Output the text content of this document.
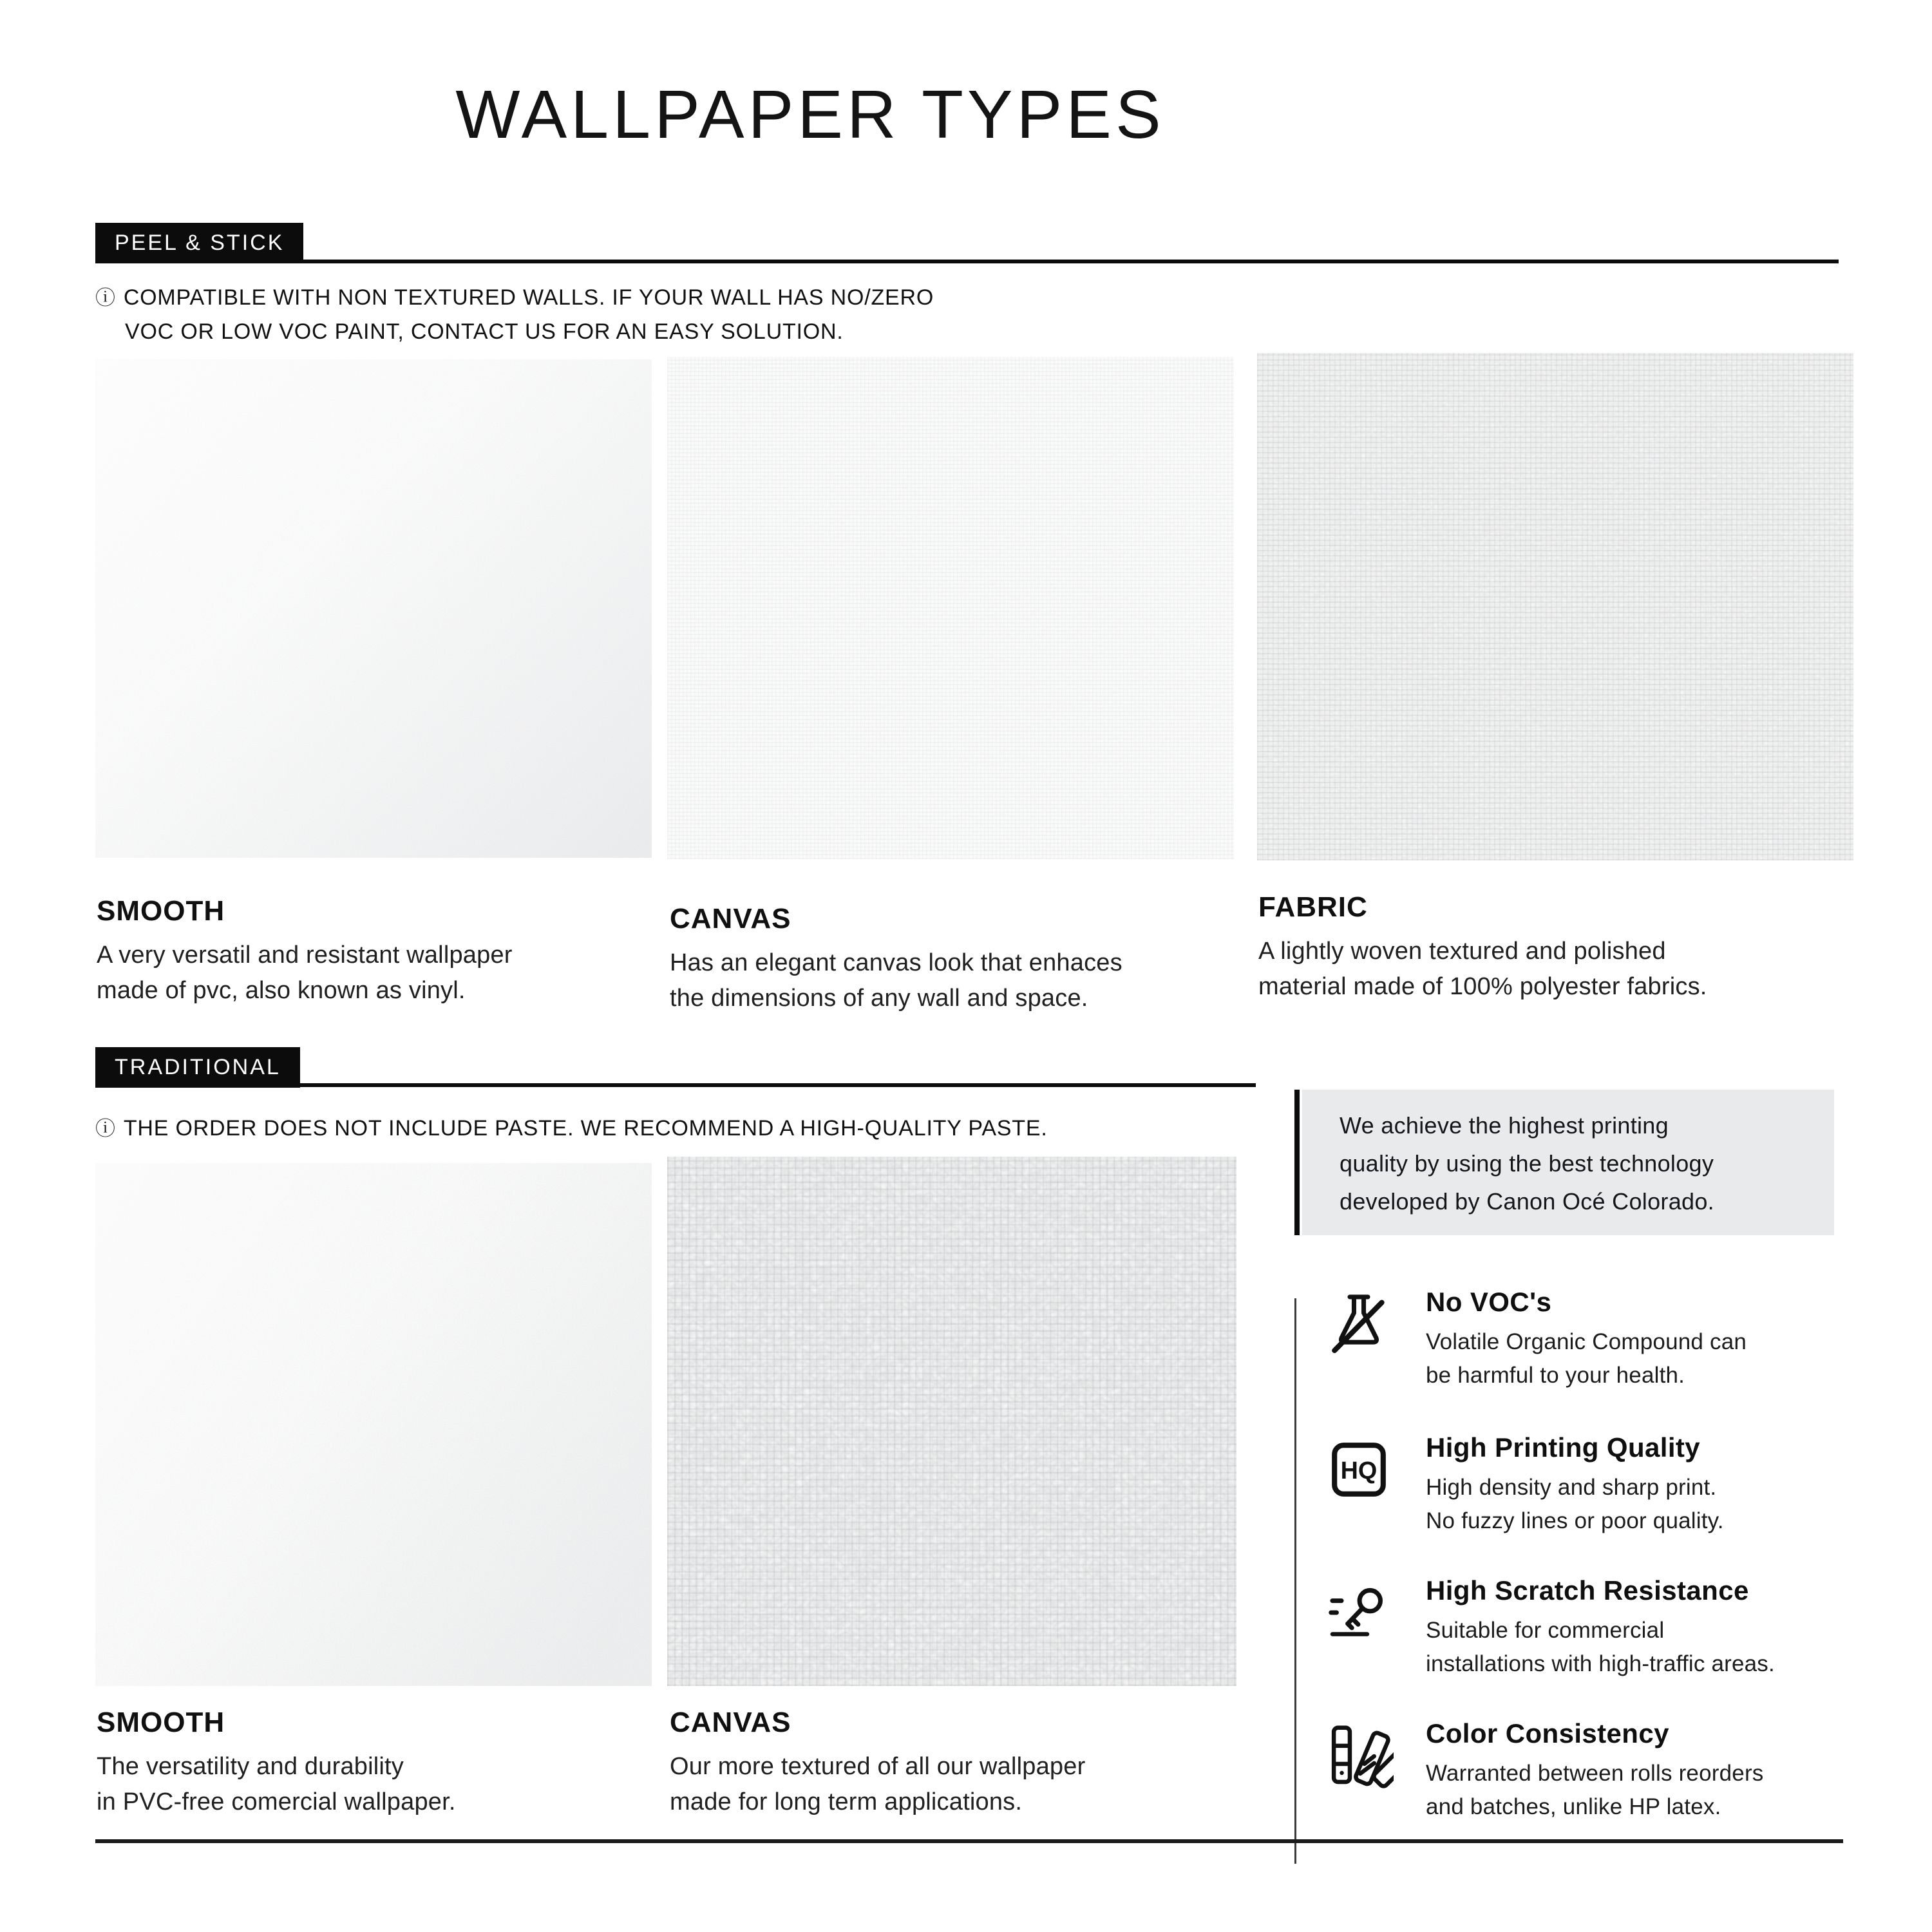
WALLPAPER TYPES
PEEL & STICK
ⓘ COMPATIBLE WITH NON TEXTURED WALLS. IF YOUR WALL HAS NO/ZERO
VOC OR LOW VOC PAINT, CONTACT US FOR AN EASY SOLUTION.
SMOOTH

A very versatil and resistant wallpaper
made of pvc, also known as vinyl.

CANVAS

Has an elegant canvas look that enhaces
the dimensions of any wall and space.

FABRIC

A lightly woven textured and polished
material made of 100% polyester fabrics.

TRADITIONAL
ⓘ THE ORDER DOES NOT INCLUDE PASTE. WE RECOMMEND A HIGH-QUALITY PASTE.
SMOOTH

The versatility and durability
in PVC-free comercial wallpaper.

CANVAS

Our more textured of all our wallpaper
made for long term applications.

We achieve the highest printing
quality by using the best technology
developed by Canon Océ Colorado.
No VOC's

Volatile Organic Compound can
be harmful to your health.

HQ
High Printing Quality

High density and sharp print.
No fuzzy lines or poor quality.

High Scratch Resistance

Suitable for commercial
installations with high-traffic areas.

Color Consistency

Warranted between rolls reorders
and batches, unlike HP latex.
